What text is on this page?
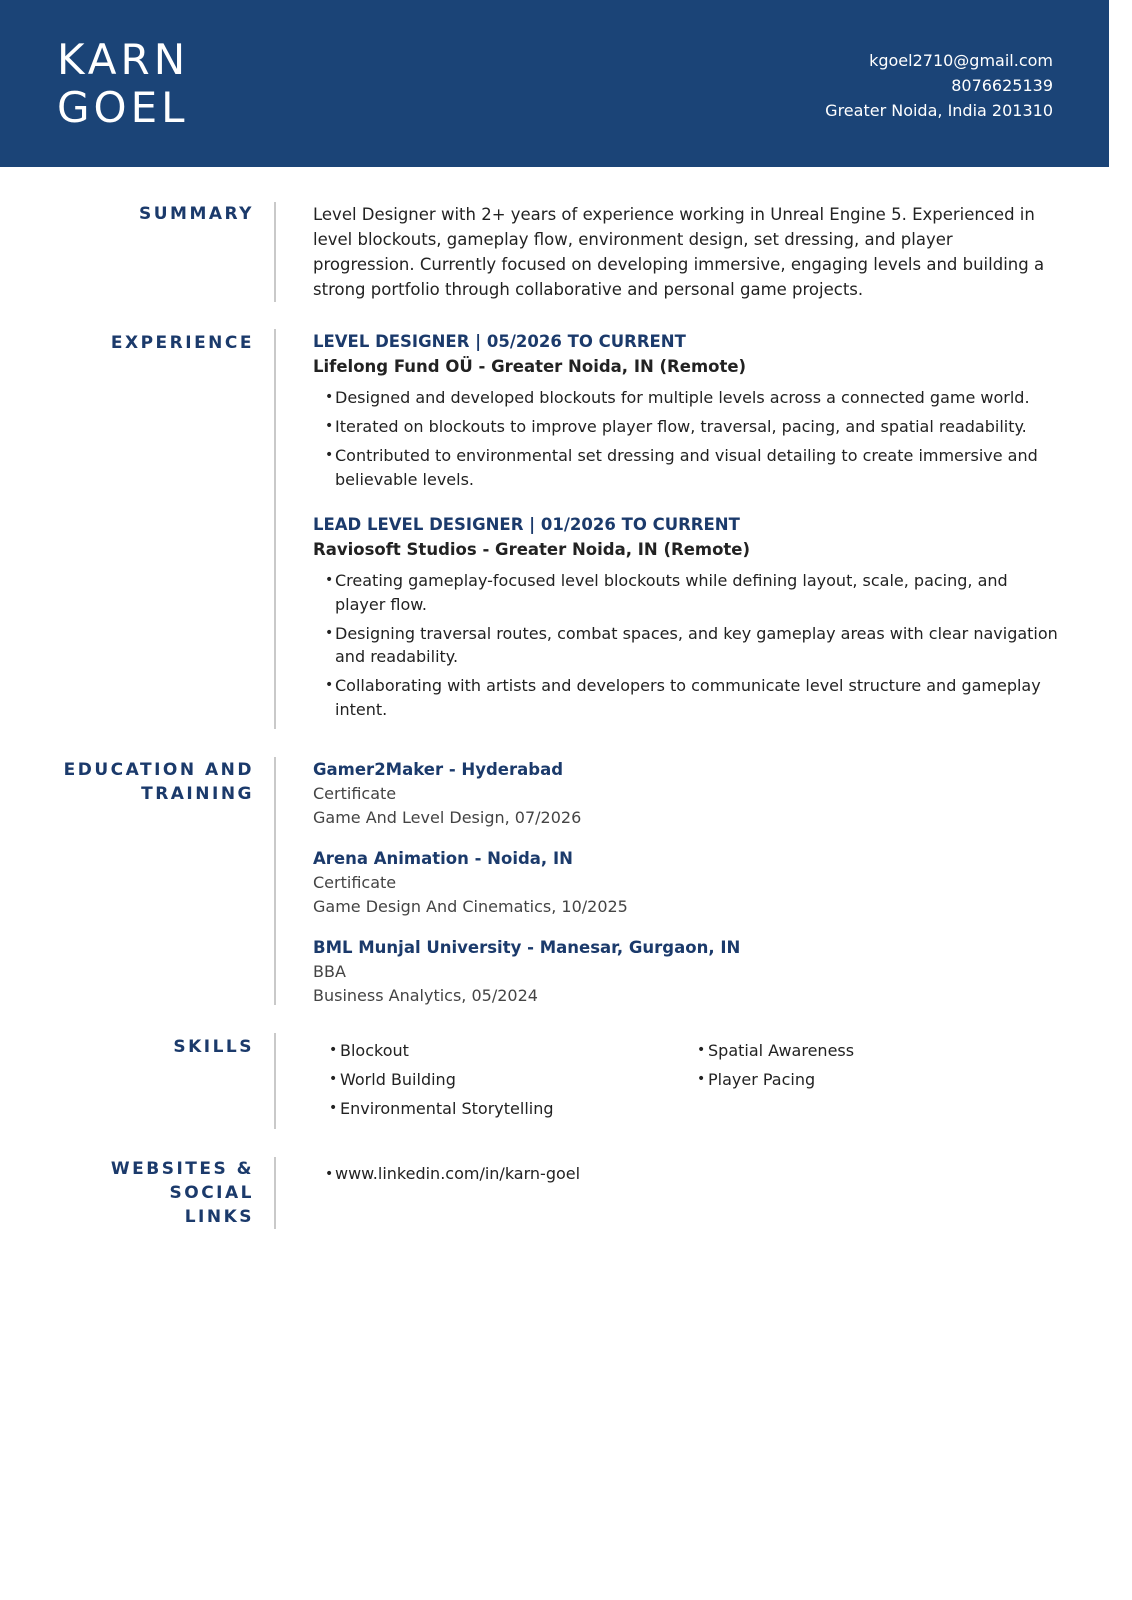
KARN
GOEL
kgoel2710@gmail.com
8076625139
Greater Noida, India 201310
SUMMARY	Level Designer with 2+ years of experience working in Unreal Engine 5. Experienced in level blockouts, gameplay flow, environment design, set dressing, and player progression. Currently focused on developing immersive, engaging levels and building a strong portfolio through collaborative and personal game projects.

EXPERIENCE	LEVEL DESIGNER | 05/2026 TO CURRENT
Lifelong Fund OÜ - Greater Noida, IN (Remote)
• Designed and developed blockouts for multiple levels across a connected game world.
• Iterated on blockouts to improve player flow, traversal, pacing, and spatial readability.
• Contributed to environmental set dressing and visual detailing to create immersive and believable levels.
LEAD LEVEL DESIGNER | 01/2026 TO CURRENT
Raviosoft Studios - Greater Noida, IN (Remote)
• Creating gameplay-focused level blockouts while defining layout, scale, pacing, and player flow.
• Designing traversal routes, combat spaces, and key gameplay areas with clear navigation and readability.
• Collaborating with artists and developers to communicate level structure and gameplay intent.
EDUCATION AND
TRAINING
Gamer2Maker - Hyderabad
Certificate
Game And Level Design, 07/2026
Arena Animation - Noida, IN
Certificate
Game Design And Cinematics, 10/2025
BML Munjal University - Manesar, Gurgaon, IN
BBA
Business Analytics, 05/2024
SKILLS
•	Blockout
• World Building
• Environmental Storytelling
• Spatial Awareness
• Player Pacing
WEBSITES &
SOCIAL
LINKS
• www.linkedin.com/in/karn-goel
